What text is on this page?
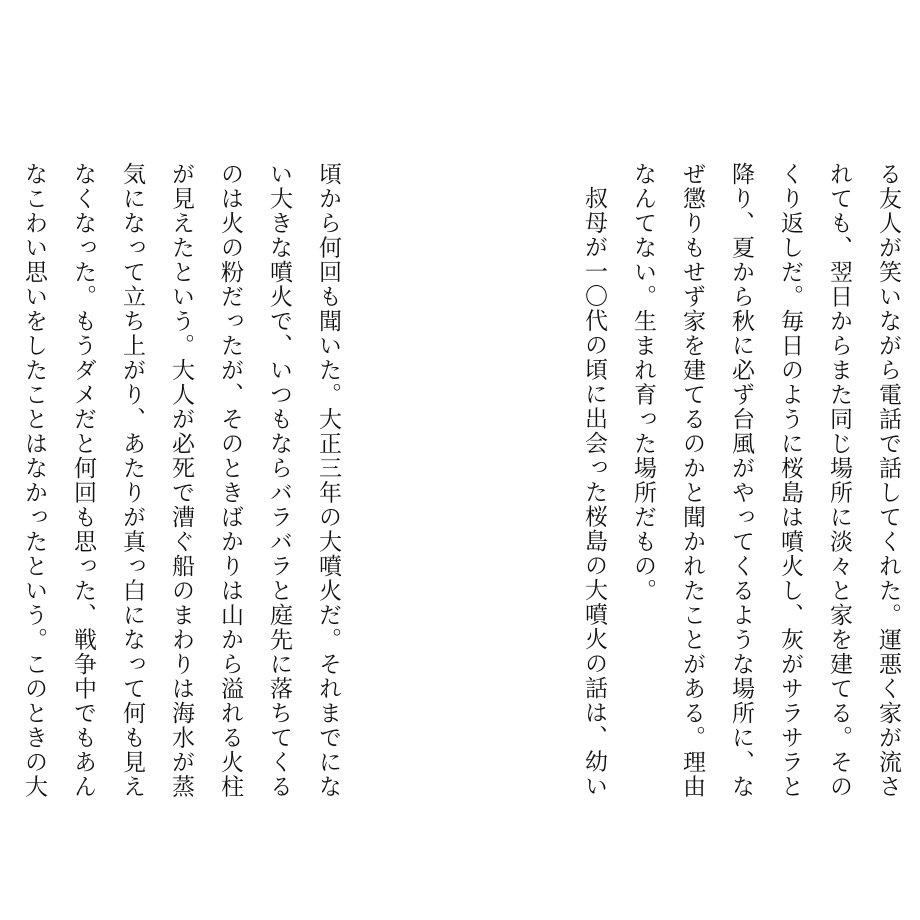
る友人が笑いながら電話で話してくれた。運悪く家が流さ
れても、翌日からまた同じ場所に淡々と家を建てる。その
くり返しだ。毎日のように桜島は噴火し、灰がサラサラと
降り、夏から秋に必ず台風がやってくるような場所に、な
ぜ懲りもせず家を建てるのかと聞かれたことがある。理由
なんてない。生まれ育った場所だもの。
叔母が一〇代の頃に出会った桜島の大噴火の話は、幼い
頃から何回も聞いた。大正三年の大噴火だ。それまでにな
い大きな噴火で、いつもならバラバラと庭先に落ちてくる
のは火の粉だったが、そのときばかりは山から溢れる火柱
が見えたという。大人が必死で漕ぐ船のまわりは海水が蒸
気になって立ち上がり、あたりが真っ白になって何も見え
なくなった。もうダメだと何回も思った、戦争中でもあん
なこわい思いをしたことはなかったという。このときの大
